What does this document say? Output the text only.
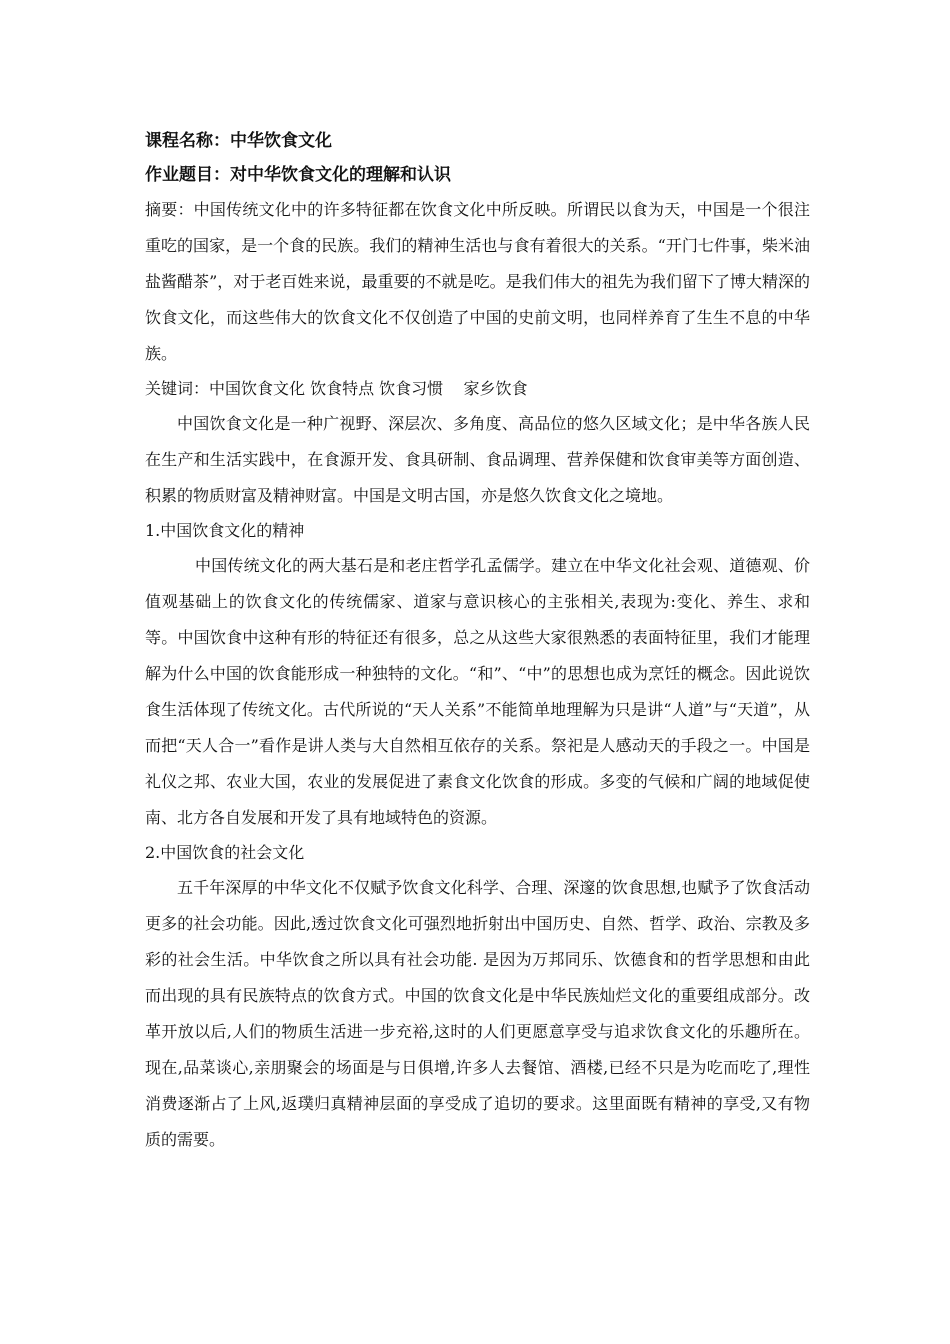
课程名称：中华饮食文化
作业题目：对中华饮食文化的理解和认识

摘要：中国传统文化中的许多特征都在饮食文化中所反映。所谓民以食为天，中国是一个很注重吃的国家，是一个食的民族。我们的精神生活也与食有着很大的关系。“开门七件事，柴米油盐酱醋茶”，对于老百姓来说，最重要的不就是吃。是我们伟大的祖先为我们留下了博大精深的饮食文化，而这些伟大的饮食文化不仅创造了中国的史前文明，也同样养育了生生不息的中华族。

关键词：中国饮食文化 饮食特点 饮食习惯    家乡饮食

中国饮食文化是一种广视野、深层次、多角度、高品位的悠久区域文化；是中华各族人民在生产和生活实践中，在食源开发、食具研制、食品调理、营养保健和饮食审美等方面创造、积累的物质财富及精神财富。中国是文明古国，亦是悠久饮食文化之境地。

1.中国饮食文化的精神

中国传统文化的两大基石是和老庄哲学孔孟儒学。建立在中华文化社会观、道德观、价值观基础上的饮食文化的传统儒家、道家与意识核心的主张相关,表现为:变化、养生、求和等。中国饮食中这种有形的特征还有很多，总之从这些大家很熟悉的表面特征里，我们才能理解为什么中国的饮食能形成一种独特的文化。“和”、“中”的思想也成为烹饪的概念。因此说饮食生活体现了传统文化。古代所说的“天人关系”不能简单地理解为只是讲“人道”与“天道”，从而把“天人合一”看作是讲人类与大自然相互依存的关系。祭祀是人感动天的手段之一。中国是礼仪之邦、农业大国，农业的发展促进了素食文化饮食的形成。多变的气候和广阔的地域促使南、北方各自发展和开发了具有地域特色的资源。

2.中国饮食的社会文化

五千年深厚的中华文化不仅赋予饮食文化科学、合理、深邃的饮食思想,也赋予了饮食活动更多的社会功能。因此,透过饮食文化可强烈地折射出中国历史、自然、哲学、政治、宗教及多彩的社会生活。中华饮食之所以具有社会功能. 是因为万邦同乐、饮德食和的哲学思想和由此而出现的具有民族特点的饮食方式。中国的饮食文化是中华民族灿烂文化的重要组成部分。改革开放以后,人们的物质生活进一步充裕,这时的人们更愿意享受与追求饮食文化的乐趣所在。现在,品菜谈心,亲朋聚会的场面是与日俱增,许多人去餐馆、酒楼,已经不只是为吃而吃了,理性消费逐渐占了上风,返璞归真精神层面的享受成了追切的要求。这里面既有精神的享受,又有物质的需要。
